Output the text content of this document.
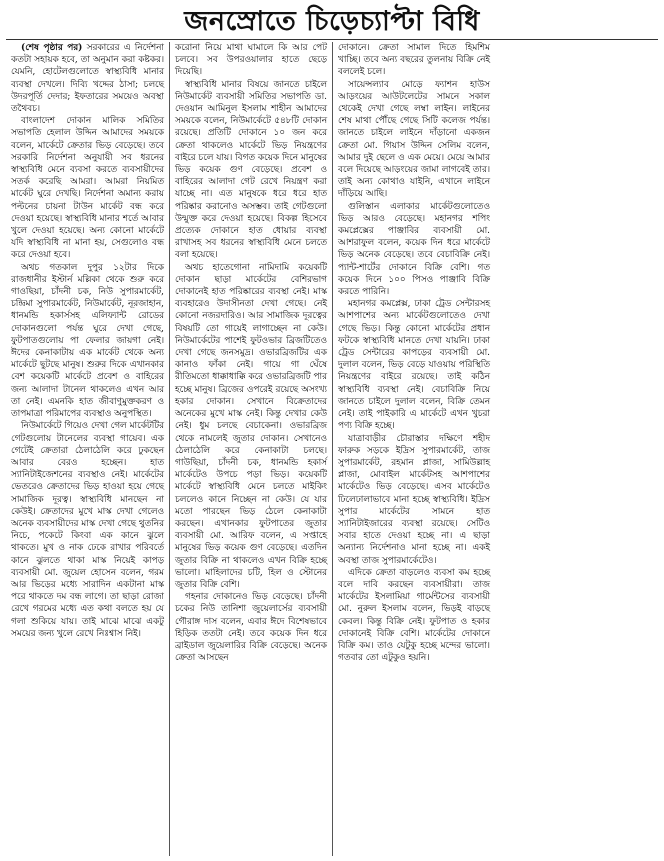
জনস্রোতে চিড়েচ্যাপ্টা বিধি

(শেষ পৃষ্ঠার পর) সরকারের এ নির্দেশনা কতটা সহায়ক হবে, তা অনুমান করা কষ্টকর। যেমনি, হোটেলগুলোতে স্বাস্থ্যবিধি মানার ব্যবস্থা দেখলে। দিব্যি খদ্দের ঠাসা; চলছে উদরপূর্তি দেদার; ইফতারের সময়েও অবস্থা তথৈবচ।

বাংলাদেশ দোকান মালিক সমিতির সভাপতি হেলাল উদ্দিন আমাদের সময়কে বলেন, মার্কেটে ক্রেতার ভিড় বেড়েছে। তবে সরকারি নির্দেশনা অনুযায়ী সব ধরনের স্বাস্থ্যবিধি মেনে ব্যবসা করতে ব্যবসায়ীদের সতর্ক করেছি আমরা। আমরা নিয়মিত মার্কেট ঘুরে দেখছি। নির্দেশনা অমান্য করায় পল্টনের চায়না টাউন মার্কেট বন্ধ করে দেওয়া হয়েছে। স্বাস্থ্যবিধি মানার শর্তে আবার খুলে দেওয়া হয়েছে। অন্য কোনো মার্কেটে যদি স্বাস্থ্যবিধি না মানা হয়, সেগুলোও বন্ধ করে দেওয়া হবে।

অথচ গতকাল দুপুর ১২টার দিকে রাজধানীর ইস্টার্ন মল্লিকা থেকে শুরু করে গাওছিয়া, চাঁদনী চক, নিউ সুপারমার্কেট, চন্দ্রিমা সুপারমার্কেট, নিউমার্কেট, নূরজাহান, ধানমন্ডি হকার্সসহ এলিফ্যান্ট রোডের দোকানগুলো পর্যন্ত ঘুরে দেখা গেছে, ফুটপাতগুলোয় পা ফেলার জায়গা নেই। ঈদের কেনাকাটায় এক মার্কেট থেকে অন্য মার্কেটে ছুটছে মানুষ। শুরুর দিকে এখানকার বেশ কয়েকটি মার্কেটে প্রবেশ ও বাহিরের জন্য আলাদা টানেল থাকলেও এখন আর তা নেই। এমনকি হাত জীবাণুমুক্তকরণ ও তাপমাত্রা পরিমাপের ব্যবস্থাও অনুপস্থিত।

নিউমার্কেটে গিয়েও দেখা গেল মার্কেটটির গেটগুলোয় টানেলের ব্যবস্থা গায়েব। এক গেটেই ক্রেতারা ঠেলাঠেলি করে ঢুকছেন আবার বেরও হচ্ছেন। হাত স্যানিটাইজেশনের ব্যবস্থাও নেই। মার্কেটের ভেতরেও ক্রেতাদের ভিড় হাওয়া হয়ে গেছে সামাজিক দূরত্ব। স্বাস্থ্যবিধি মানছেন না কেউই। ক্রেতাদের মুখে মাস্ক দেখা গেলেও অনেক ব্যবসায়ীদের মাস্ক দেখা গেছে থুতনির নিচে, পকেটে কিংবা এক কানে ঝুলে থাকতে। মুখ ও নাক ঢেকে রাখার পরিবর্তে কানে ঝুলতে থাকা মাস্ক নিয়েই কাপড় ব্যবসায়ী মো. জুয়েল হোসেন বলেন, গরম আর ভিড়ের মধ্যে সারাদিন একটানা মাস্ক পরে থাকতে দম বন্ধ লাগে। তা ছাড়া রোজা রেখে গরমের মধ্যে এত কথা বলতে হয় যে গলা শুকিয়ে যায়। তাই মাঝে মাঝে একটু সময়ের জন্য খুলে রেখে নিঃশ্বাস নিই।

করোনা নিয়ে মাথা ঘামালে কি আর পেট চলবে। সব উপরওয়ালার হাতে ছেড়ে দিয়েছি।

স্বাস্থ্যবিধি মানার বিষয়ে জানতে চাইলে নিউমার্কেট ব্যবসায়ী সমিতির সভাপতি ডা. দেওয়ান আমিনুল ইসলাম শাহীন আমাদের সময়কে বলেন, নিউমার্কেটে ৫৪৮টি দোকান রয়েছে। প্রতিটি দোকানে ১০ জন করে ক্রেতা থাকলেও মার্কেটে ভিড় নিয়ন্ত্রণের বাইরে চলে যায়। বিগত কয়েক দিনে মানুষের ভিড় কয়েক গুণ বেড়েছে। প্রবেশ ও বাহিরের আলাদা গেট রেখে নিয়ন্ত্রণ করা যাচ্ছে না। এত মানুষকে ধরে ধরে হাত পরিষ্কার করানোও অসম্ভব। তাই গেটগুলো উন্মুক্ত করে দেওয়া হয়েছে। বিকল্প হিসেবে প্রত্যেক দোকানে হাত ধোয়ার ব্যবস্থা রাখাসহ সব ধরনের স্বাস্থ্যবিধি মেনে চলতে বলা হয়েছে।

অথচ হাতেগোনা নামিদামি কয়েকটি দোকান ছাড়া মার্কেটের বেশিরভাগ দোকানেই হাত পরিষ্কারের ব্যবস্থা নেই। মাস্ক ব্যবহারেও উদাসীনতা দেখা গেছে। নেই কোনো নজরদারিও। আর সামাজিক দূরত্বের বিষয়টি তো গায়েই লাগাচ্ছেন না কেউ। নিউমার্কেটের পাশেই ফুটওভার ব্রিজটিতেও দেখা গেছে জনসমুদ্র। ওভারব্রিজটির এক কানাও ফাঁকা নেই। গায়ে গা ঘেঁষে রীতিমতো ধাক্কাধাক্কি করে ওভারব্রিজটি পার হচ্ছে মানুষ। ব্রিজের ওপরেই রয়েছে অসংখ্য হকার দোকান। সেখানে বিক্রেতাদের অনেকের মুখে মাস্ক নেই। কিন্তু দেখার কেউ নেই। ধুম চলছে বেচাকেনা। ওভারব্রিজ থেকে নামলেই জুতার দোকান। সেখানেও ঠেলাঠেলি করে কেনাকাটা চলছে। গাউছিয়া, চাঁদনী চক, ধানমন্ডি হকার্স মার্কেটেও উপচে পড়া ভিড়। কয়েকটি মার্কেটে স্বাস্থ্যবিধি মেনে চলতে মাইকিং চললেও কানে নিচ্ছেন না কেউ। যে যার মতো পারছেন ভিড় ঠেলে কেনাকাটা করছেন। এখানকার ফুটপাতের জুতার ব্যবসায়ী মো. আরিফ বলেন, এ সপ্তাহে মানুষের ভিড় কয়েক গুণ বেড়েছে। এতদিন জুতার বিক্রি না থাকলেও এখন বিক্রি হচ্ছে ভালো। মাহিলাদের চটি, হিল ও স্টোনের জুতার বিক্রি বেশি।

গহনার দোকানেও ভিড় বেড়েছে। চাঁদনী চকের নিউ তানিশা জুয়েলার্সের ব্যবসায়ী গৌরাঙ্গ দাস বলেন, এবার ঈদে বিশেষভাবে হিড়িক ততটা নেই। তবে কয়েক দিন ধরে ব্রাইডাল জুয়েলারির বিক্রি বেড়েছে। অনেক ক্রেতা আসছেন

দোকানে। ক্রেতা সামাল দিতে হিমশিম খাচ্ছি। তবে অন্য বছরের তুলনায় বিক্রি নেই বললেই চলে।

সায়েন্সল্যাব মোড়ে ফ্যাশন হাউস আড়ংয়ের আউটলেটের সামনে সকাল থেকেই দেখা গেছে লম্বা লাইন। লাইনের শেষ মাথা পৌঁছে গেছে সিটি কলেজ পর্যন্ত। জানতে চাইলে লাইনে দাঁড়ানো একজন ক্রেতা মো. গিয়াস উদ্দিন সেলিম বলেন, আমার দুই ছেলে ও এক মেয়ে। মেয়ে আমার বলে দিয়েছে আড়ংয়ের জামা লাগবেই তার। তাই অন্য কোথাও যাইনি, এখানে লাইনে দাঁড়িয়ে আছি।

গুলিস্তান এলাকার মার্কেটগুলোতেও ভিড় আরও বেড়েছে। মহানগর শপিং কমপ্লেক্সের পাঞ্জাবির ব্যবসায়ী মো. আশরাফুল বলেন, কয়েক দিন ধরে মার্কেটে ভিড় অনেক বেড়েছে। তবে বেচাবিক্রি নেই। প্যান্ট-শার্টের দোকানে বিক্রি বেশি। গত কয়েক দিনে ১০০ পিসও পাঞ্জাবি বিক্রি করতে পারিনি।

মহানগর কমপ্লেক্স, ঢাকা ট্রেড সেন্টারসহ আশপাশের অন্য মার্কেটগুলোতেও দেখা গেছে ভিড়। কিন্তু কোনো মার্কেটের প্রধান ফটকে স্বাস্থ্যবিধি মানতে দেখা যায়নি। ঢাকা ট্রেড সেন্টারের কাপড়ের ব্যবসায়ী মো. দুলাল বলেন, ভিড় বেড়ে যাওয়ায় পরিস্থিতি নিয়ন্ত্রণের বাইরে রয়েছে। তাই কঠিন স্বাস্থ্যবিধি ব্যবস্থা নেই। বেচাবিক্রি নিয়ে জানতে চাইলে দুলাল বলেন, বিক্রি তেমন নেই। তাই পাইকারি এ মার্কেটে এখন খুচরা পণ্য বিক্রি হচ্ছে।

যাত্রাবাড়ীর চৌরাস্তার দক্ষিণে শহীদ ফারুক সড়কে ইদ্রিস সুপারমার্কেট, তাজ সুপারমার্কেট, রহমান প্লাজা, সামিউল্লাহ প্লাজা, মোবাইল মার্কেটসহ আশপাশের মার্কেটেও ভিড় বেড়েছে। এসব মার্কেটেও ঢিলেঢালাভাবে মানা হচ্ছে স্বাস্থ্যবিধি। ইদ্রিস সুপার মার্কেটের সামনে হাত স্যানিটাইজারের ব্যবস্থা রয়েছে। সেটিও সবার হাতে দেওয়া হচ্ছে না। এ ছাড়া অন্যান্য নির্দেশনাও মানা হচ্ছে না। একই অবস্থা তাজ সুপারমার্কেটেও।

এদিকে ক্রেতা বাড়লেও ব্যবসা কম হচ্ছে বলে দাবি করছেন ব্যবসায়ীরা। তাজ মার্কেটের ইসলামিয়া গার্মেন্টসের ব্যবসায়ী মো. নুরুল ইসলাম বলেন, ভিড়ই বাড়ছে কেবল। কিন্তু বিক্রি নেই। ফুটপাত ও হকার দোকানেই বিক্রি বেশি। মার্কেটের দোকানে বিক্রি কম। তাও যেটুকু হচ্ছে মন্দের ভালো। গতবার তো এটুকুও হয়নি।
